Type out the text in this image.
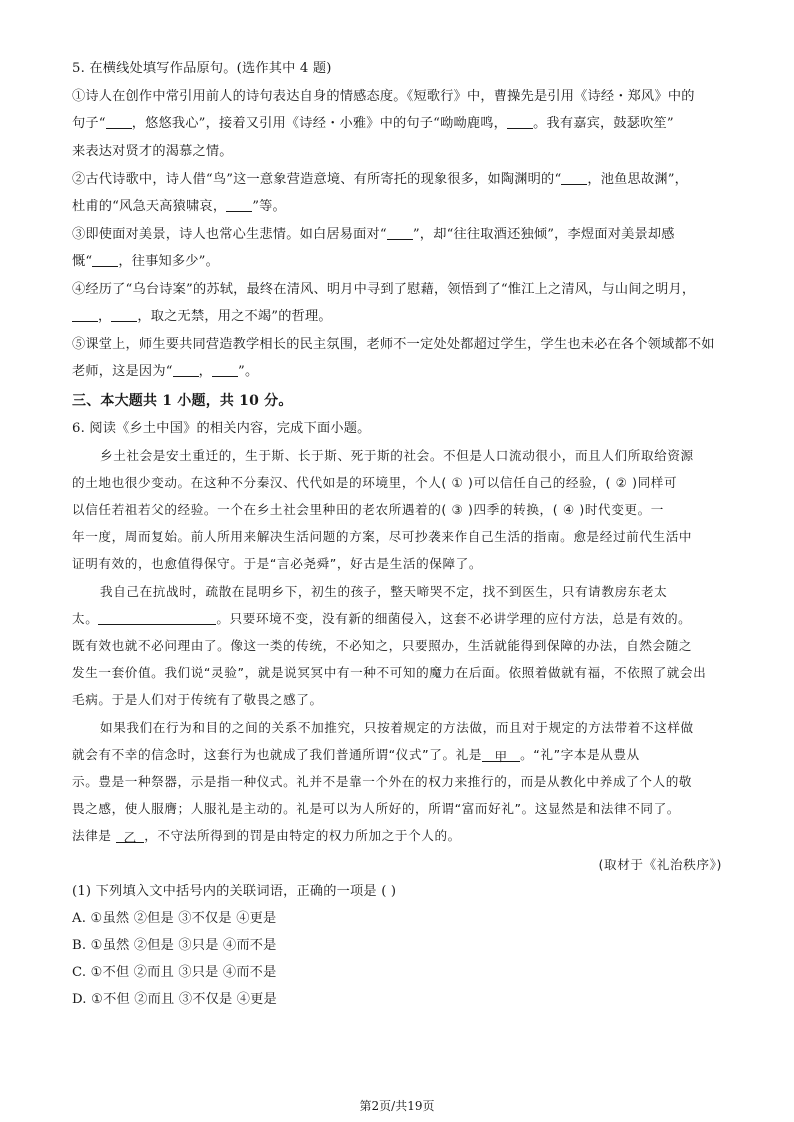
5. 在横线处填写作品原句。(选作其中 4 题)
①诗人在创作中常引用前人的诗句表达自身的情感态度。《短歌行》中，曹操先是引用《诗经・郑风》中的
句子“ ，悠悠我心”，接着又引用《诗经・小雅》中的句子“呦呦鹿鸣， 。我有嘉宾，鼓瑟吹笙”
来表达对贤才的渴慕之情。
②古代诗歌中，诗人借“鸟”这一意象营造意境、有所寄托的现象很多，如陶渊明的“ ，池鱼思故渊”，
杜甫的“风急天高猿啸哀， ”等。
③即使面对美景，诗人也常心生悲情。如白居易面对“ ”，却“往往取酒还独倾”，李煜面对美景却感
慨“ ，往事知多少”。
④经历了“乌台诗案”的苏轼，最终在清风、明月中寻到了慰藉，领悟到了“惟江上之清风，与山间之明月，
， ，取之无禁，用之不竭”的哲理。
⑤课堂上，师生要共同营造教学相长的民主氛围，老师不一定处处都超过学生，学生也未必在各个领域都不如
老师，这是因为“ ， ”。
三、本大题共 1 小题，共 10 分。
6. 阅读《乡土中国》的相关内容，完成下面小题。
乡土社会是安土重迁的，生于斯、长于斯、死于斯的社会。不但是人口流动很小，而且人们所取给资源
的土地也很少变动。在这种不分秦汉、代代如是的环境里，个人( ① )可以信任自己的经验，( ② )同样可
以信任若祖若父的经验。一个在乡土社会里种田的老农所遇着的( ③ )四季的转换，( ④ )时代变更。一
年一度，周而复始。前人所用来解决生活问题的方案，尽可抄袭来作自己生活的指南。愈是经过前代生活中
证明有效的，也愈值得保守。于是“言必尧舜”，好古是生活的保障了。
我自己在抗战时，疏散在昆明乡下，初生的孩子，整天啼哭不定，找不到医生，只有请教房东老太
太。	。只要环境不变，没有新的细菌侵入，这套不必讲学理的应付方法，总是有效的。
既有效也就不必问理由了。像这一类的传统，不必知之，只要照办，生活就能得到保障的办法，自然会随之
发生一套价值。我们说“灵验”，就是说冥冥中有一种不可知的魔力在后面。依照着做就有福，不依照了就会出
毛病。于是人们对于传统有了敬畏之感了。
如果我们在行为和目的之间的关系不加推究，只按着规定的方法做，而且对于规定的方法带着不这样做
就会有不幸的信念时，这套行为也就成了我们普通所谓“仪式”了。礼是 甲 。“礼”字本是从豊从
示。豊是一种祭器，示是指一种仪式。礼并不是靠一个外在的权力来推行的，而是从教化中养成了个人的敬
畏之感，使人服膺；人服礼是主动的。礼是可以为人所好的，所谓“富而好礼”。这显然是和法律不同了。
法律是 乙 ，不守法所得到的罚是由特定的权力所加之于个人的。
(取材于《礼治秩序》)
(1) 下列填入文中括号内的关联词语，正确的一项是 ( )
A. ①虽然 ②但是 ③不仅是 ④更是
B. ①虽然 ②但是 ③只是 ④而不是
C. ①不但 ②而且 ③只是 ④而不是
D. ①不但 ②而且 ③不仅是 ④更是
第2页/共19页
